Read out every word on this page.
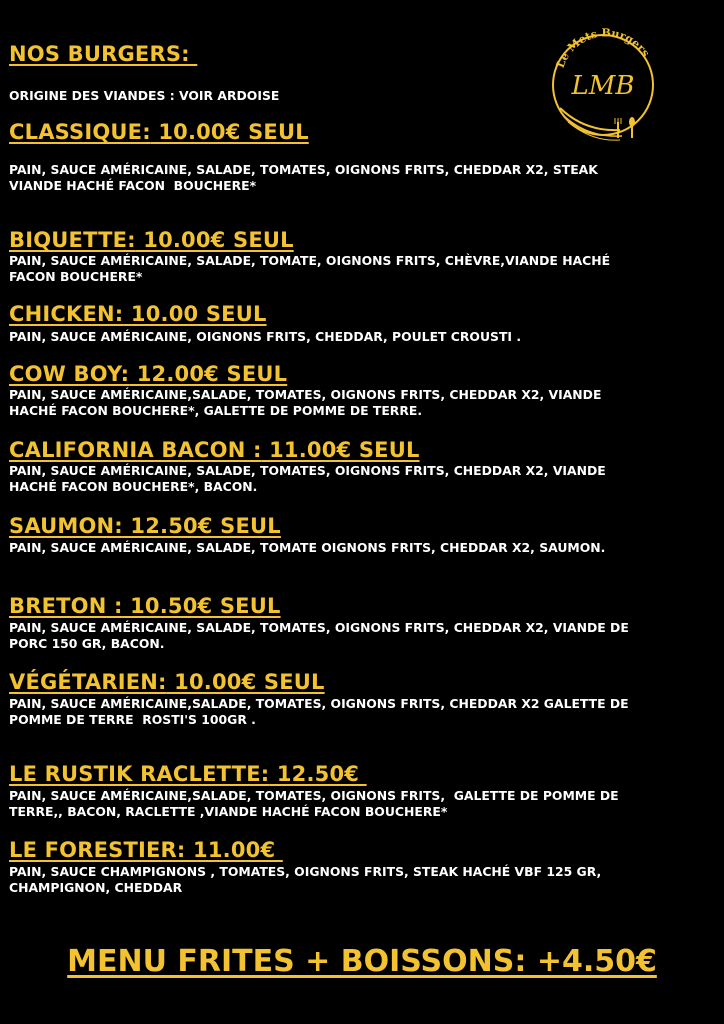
NOS BURGERS:
ORIGINE DES VIANDES : VOIR ARDOISE
Le Mets Burgers
LMB
CLASSIQUE: 10.00€ SEUL

PAIN, SAUCE AMÉRICAINE, SALADE, TOMATES, OIGNONS FRITS, CHEDDAR X2, STEAK
VIANDE HACHÉ FACON  BOUCHERE*

BIQUETTE: 10.00€ SEUL

PAIN, SAUCE AMÉRICAINE, SALADE, TOMATE, OIGNONS FRITS, CHÈVRE,VIANDE HACHÉ
FACON BOUCHERE*

CHICKEN: 10.00 SEUL

PAIN, SAUCE AMÉRICAINE, OIGNONS FRITS, CHEDDAR, POULET CROUSTI .

COW BOY: 12.00€ SEUL

PAIN, SAUCE AMÉRICAINE,SALADE, TOMATES, OIGNONS FRITS, CHEDDAR X2, VIANDE
HACHÉ FACON BOUCHERE*, GALETTE DE POMME DE TERRE.

CALIFORNIA BACON : 11.00€ SEUL

PAIN, SAUCE AMÉRICAINE, SALADE, TOMATES, OIGNONS FRITS, CHEDDAR X2, VIANDE
HACHÉ FACON BOUCHERE*, BACON.

SAUMON: 12.50€ SEUL

PAIN, SAUCE AMÉRICAINE, SALADE, TOMATE OIGNONS FRITS, CHEDDAR X2, SAUMON.

BRETON : 10.50€ SEUL

PAIN, SAUCE AMÉRICAINE, SALADE, TOMATES, OIGNONS FRITS, CHEDDAR X2, VIANDE DE
PORC 150 GR, BACON.

VÉGÉTARIEN: 10.00€ SEUL

PAIN, SAUCE AMÉRICAINE,SALADE, TOMATES, OIGNONS FRITS, CHEDDAR X2 GALETTE DE
POMME DE TERRE  ROSTI'S 100GR .

LE RUSTIK RACLETTE: 12.50€

PAIN, SAUCE AMÉRICAINE,SALADE, TOMATES, OIGNONS FRITS,  GALETTE DE POMME DE
TERRE,, BACON, RACLETTE ,VIANDE HACHÉ FACON BOUCHERE*

LE FORESTIER: 11.00€

PAIN, SAUCE CHAMPIGNONS , TOMATES, OIGNONS FRITS, STEAK HACHÉ VBF 125 GR,
CHAMPIGNON, CHEDDAR

MENU FRITES + BOISSONS: +4.50€
